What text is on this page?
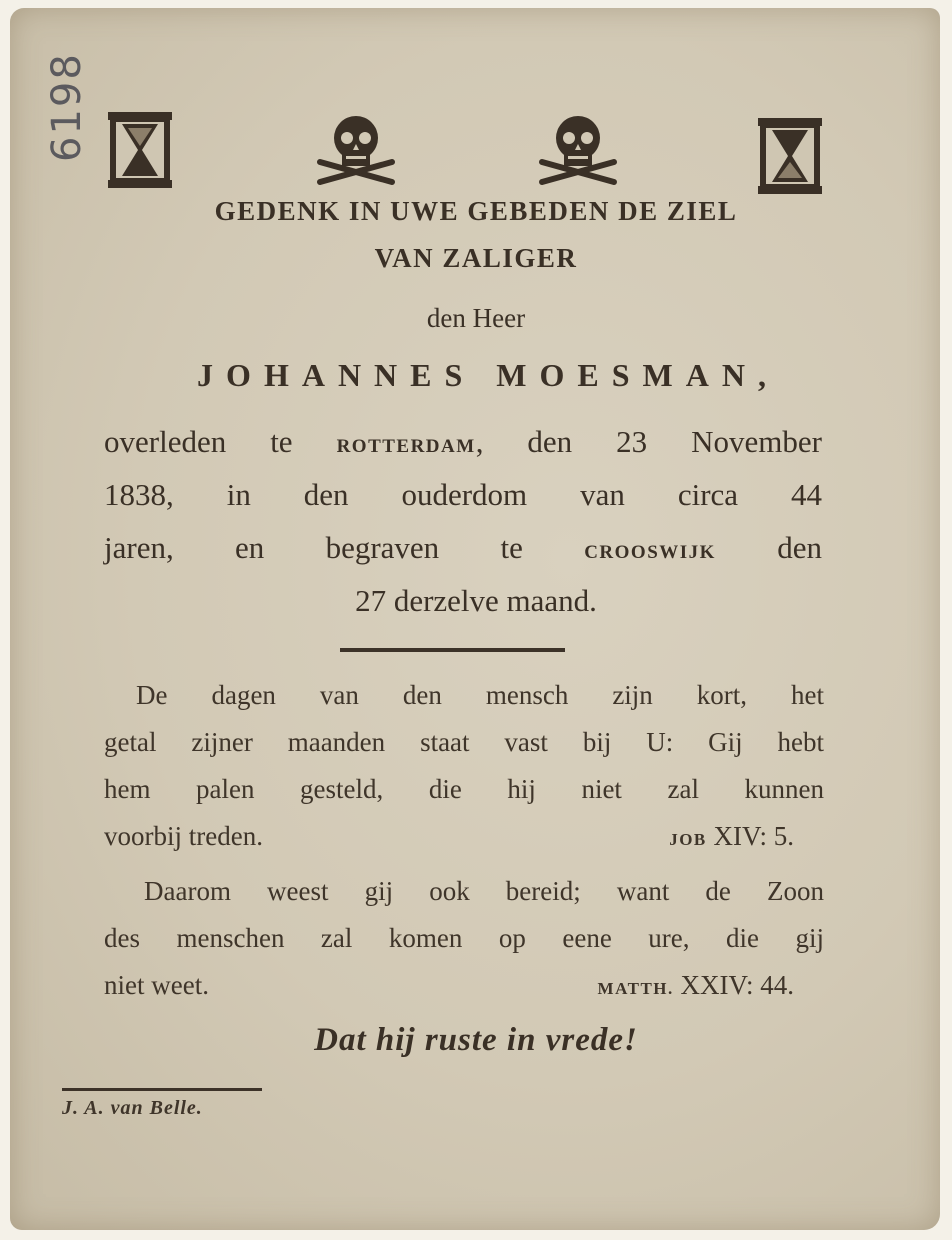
GEDENK IN UWE GEBEDEN DE ZIEL
VAN ZALIGER
den Heer
JOHANNES MOESMAN,
overleden te ROTTERDAM, den 23 November
1838, in den ouderdom van circa 44
jaren, en begraven te CROOSWIJK den
27 derzelve maand.
De dagen van den mensch zijn kort, het
getal zijner maanden staat vast bij U: Gij hebt
hem palen gesteld, die hij niet zal kunnen
voorbij treden.	JOB XIV: 5.
Daarom weest gij ook bereid; want de Zoon
des menschen zal komen op eene ure, die gij
niet weet.	MATTH. XXIV: 44.
Dat hij ruste in vrede!
J. A. van Belle.
